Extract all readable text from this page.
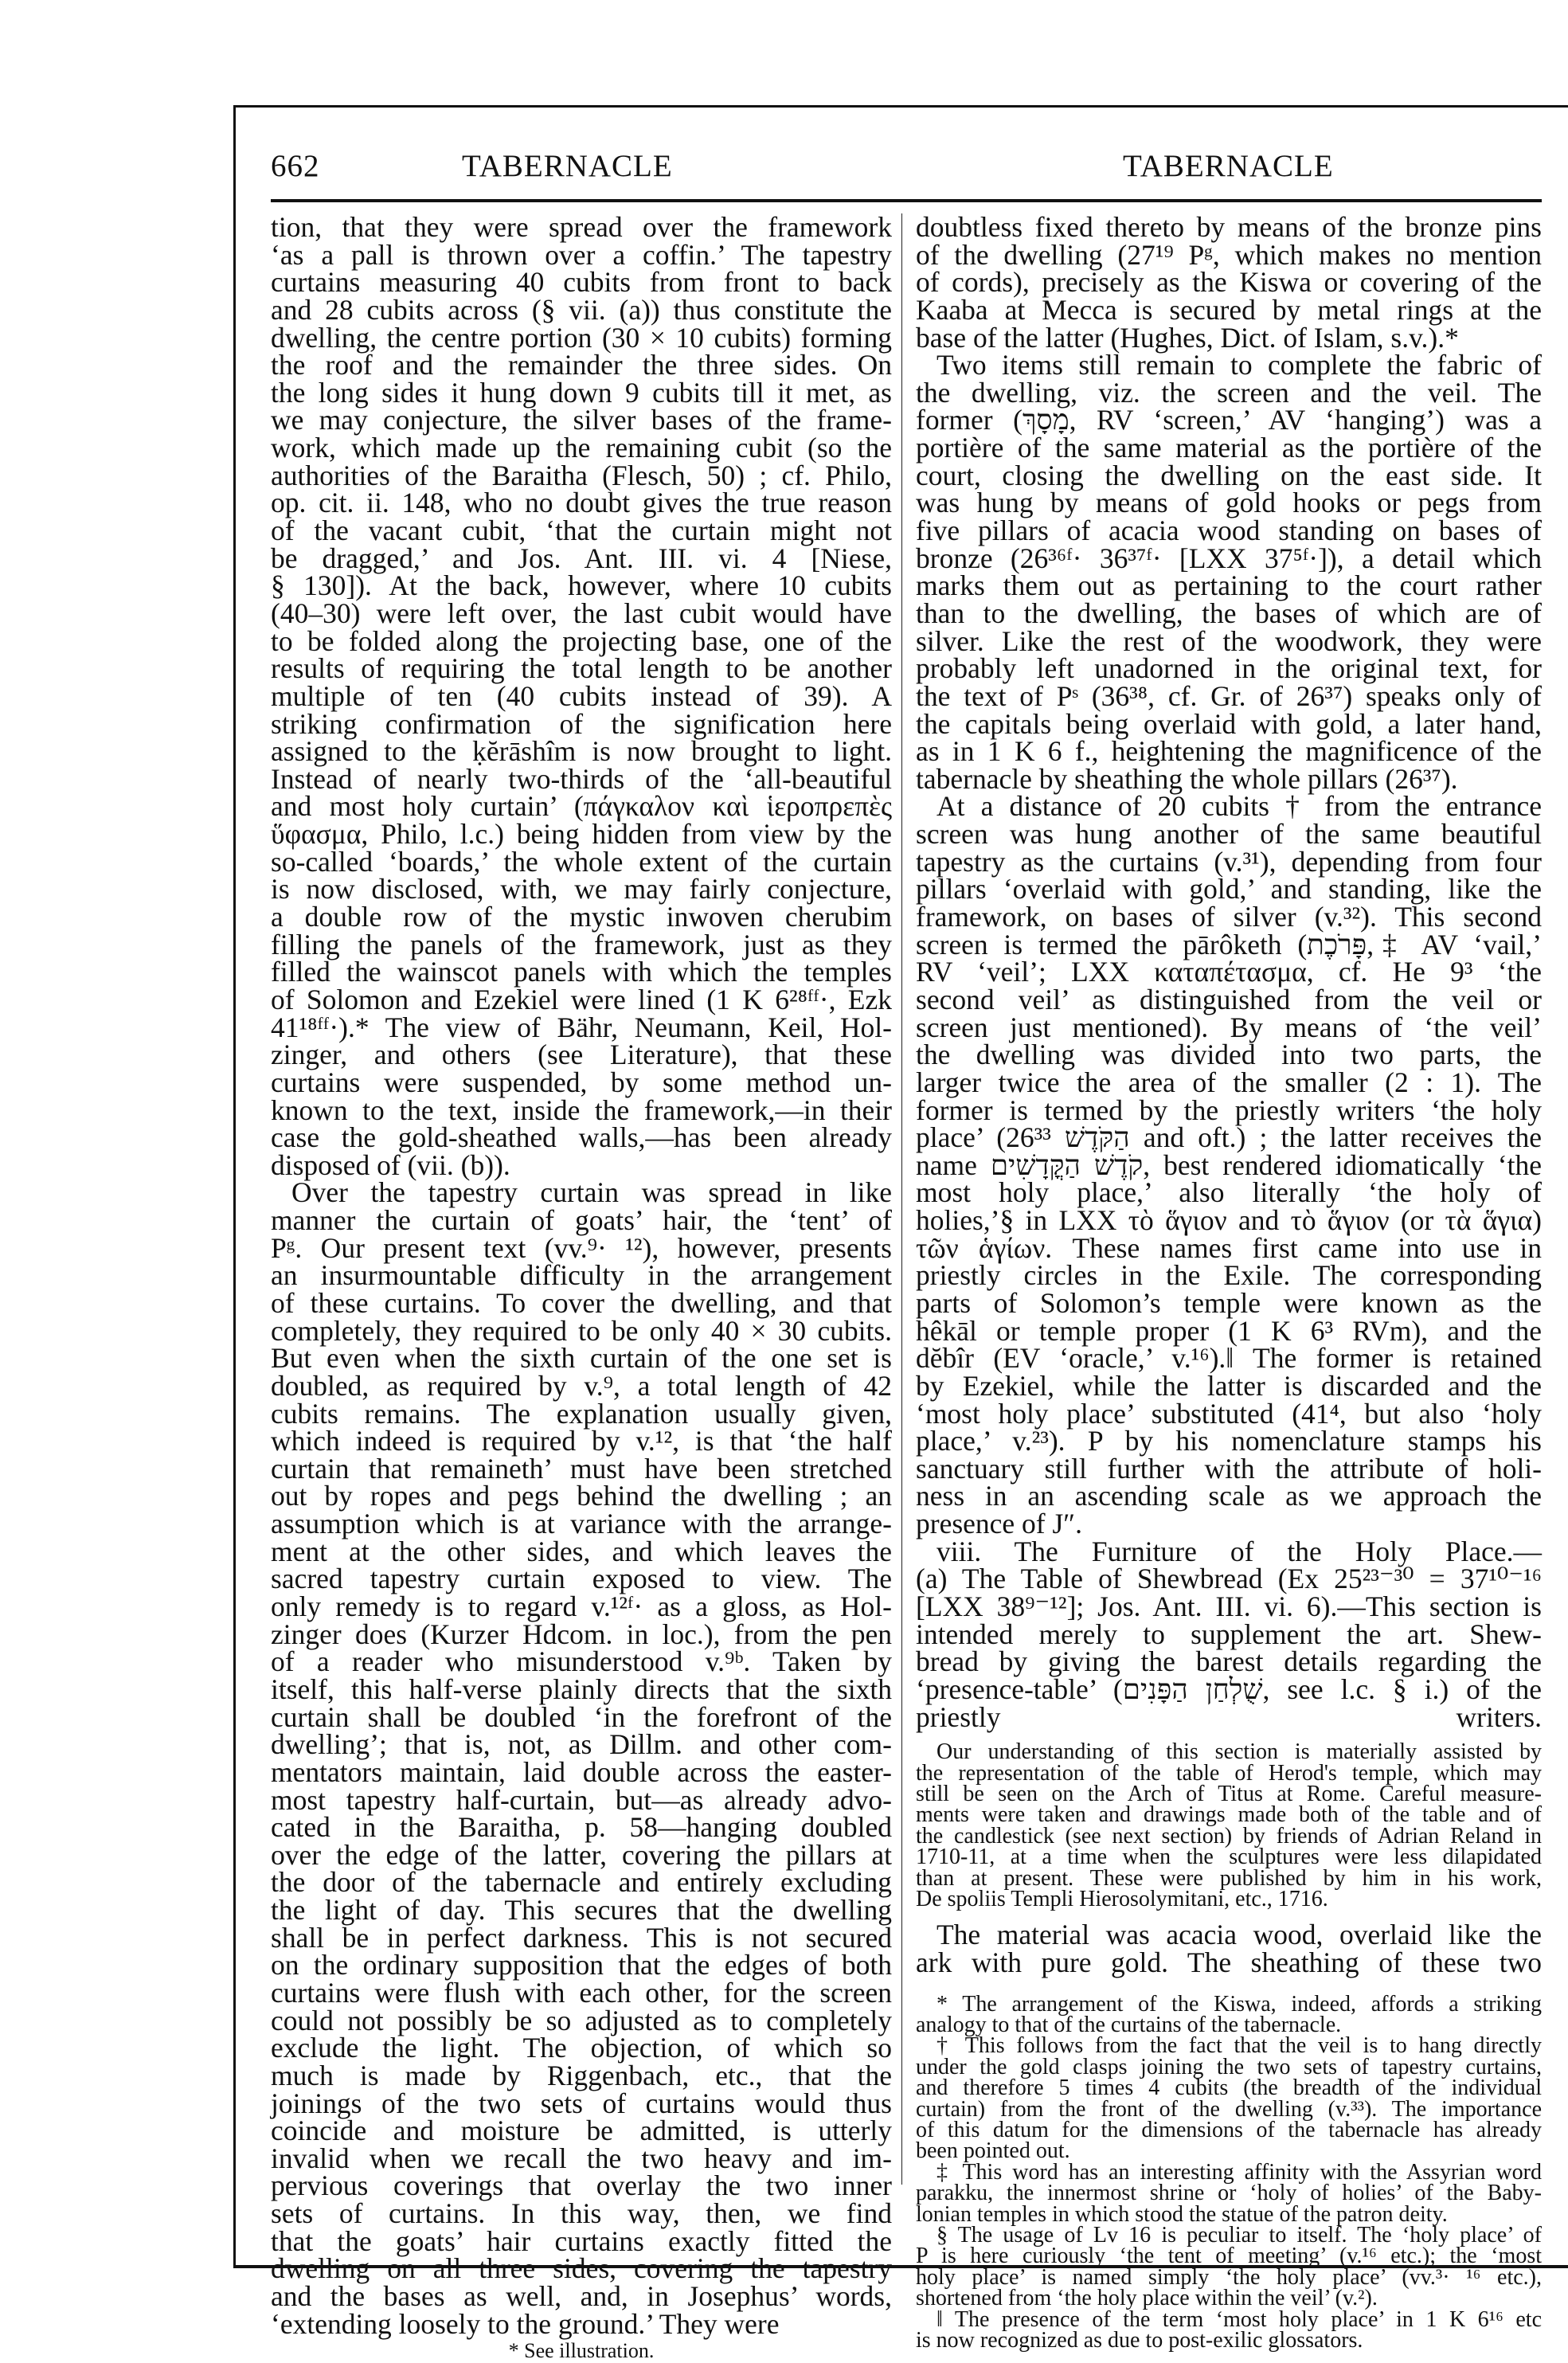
662	TABERNACLE	TABERNACLE
tion, that they were spread over the framework
‘as a pall is thrown over a coffin.’ The tapestry
curtains measuring 40 cubits from front to back
and 28 cubits across (§ vii. (a)) thus constitute the
dwelling, the centre portion (30 × 10 cubits) forming
the roof and the remainder the three sides. On
the long sides it hung down 9 cubits till it met, as
we may conjecture, the silver bases of the frame-
work, which made up the remaining cubit (so the
authorities of the Baraitha (Flesch, 50) ; cf. Philo,
op. cit. ii. 148, who no doubt gives the true reason
of the vacant cubit, ‘that the curtain might not
be dragged,’ and Jos. Ant. III. vi. 4 [Niese,
§ 130]). At the back, however, where 10 cubits
(40–30) were left over, the last cubit would have
to be folded along the projecting base, one of the
results of requiring the total length to be another
multiple of ten (40 cubits instead of 39). A
striking confirmation of the signification here
assigned to the ḳĕrāshîm is now brought to light.
Instead of nearly two-thirds of the ‘all-beautiful
and most holy curtain’ (πάγκαλον καὶ ἱεροπρεπὲς
ὕφασμα, Philo, l.c.) being hidden from view by the
so-called ‘boards,’ the whole extent of the curtain
is now disclosed, with, we may fairly conjecture,
a double row of the mystic inwoven cherubim
filling the panels of the framework, just as they
filled the wainscot panels with which the temples
of Solomon and Ezekiel were lined (1 K 6²⁸ᶠᶠ·, Ezk
41¹⁸ᶠᶠ·).* The view of Bähr, Neumann, Keil, Hol-
zinger, and others (see Literature), that these
curtains were suspended, by some method un-
known to the text, inside the framework,—in their
case the gold-sheathed walls,—has been already
disposed of (vii. (b)).
Over the tapestry curtain was spread in like
manner the curtain of goats’ hair, the ‘tent’ of
Pᵍ. Our present text (vv.⁹· ¹²), however, presents
an insurmountable difficulty in the arrangement
of these curtains. To cover the dwelling, and that
completely, they required to be only 40 × 30 cubits.
But even when the sixth curtain of the one set is
doubled, as required by v.⁹, a total length of 42
cubits remains. The explanation usually given,
which indeed is required by v.¹², is that ‘the half
curtain that remaineth’ must have been stretched
out by ropes and pegs behind the dwelling ; an
assumption which is at variance with the arrange-
ment at the other sides, and which leaves the
sacred tapestry curtain exposed to view. The
only remedy is to regard v.¹²ᶠ· as a gloss, as Hol-
zinger does (Kurzer Hdcom. in loc.), from the pen
of a reader who misunderstood v.⁹ᵇ. Taken by
itself, this half-verse plainly directs that the sixth
curtain shall be doubled ‘in the forefront of the
dwelling’; that is, not, as Dillm. and other com-
mentators maintain, laid double across the easter-
most tapestry half-curtain, but—as already advo-
cated in the Baraitha, p. 58—hanging doubled
over the edge of the latter, covering the pillars at
the door of the tabernacle and entirely excluding
the light of day. This secures that the dwelling
shall be in perfect darkness. This is not secured
on the ordinary supposition that the edges of both
curtains were flush with each other, for the screen
could not possibly be so adjusted as to completely
exclude the light. The objection, of which so
much is made by Riggenbach, etc., that the
joinings of the two sets of curtains would thus
coincide and moisture be admitted, is utterly
invalid when we recall the two heavy and im-
pervious coverings that overlay the two inner
sets of curtains. In this way, then, we find
that the goats’ hair curtains exactly fitted the
dwelling on all three sides, covering the tapestry
and the bases as well, and, in Josephus’ words,
‘extending loosely to the ground.’ They were
* See illustration.
doubtless fixed thereto by means of the bronze pins
of the dwelling (27¹⁹ Pᵍ, which makes no mention
of cords), precisely as the Kiswa or covering of the
Kaaba at Mecca is secured by metal rings at the
base of the latter (Hughes, Dict. of Islam, s.v.).*
Two items still remain to complete the fabric of
the dwelling, viz. the screen and the veil. The
former (מָסָךְ, RV ‘screen,’ AV ‘hanging’) was a
portière of the same material as the portière of the
court, closing the dwelling on the east side. It
was hung by means of gold hooks or pegs from
five pillars of acacia wood standing on bases of
bronze (26³⁶ᶠ· 36³⁷ᶠ· [LXX 37⁵ᶠ·]), a detail which
marks them out as pertaining to the court rather
than to the dwelling, the bases of which are of
silver. Like the rest of the woodwork, they were
probably left unadorned in the original text, for
the text of Pˢ (36³⁸, cf. Gr. of 26³⁷) speaks only of
the capitals being overlaid with gold, a later hand,
as in 1 K 6 f., heightening the magnificence of the
tabernacle by sheathing the whole pillars (26³⁷).
At a distance of 20 cubits † from the entrance
screen was hung another of the same beautiful
tapestry as the curtains (v.³¹), depending from four
pillars ‘overlaid with gold,’ and standing, like the
framework, on bases of silver (v.³²). This second
screen is termed the pārôketh (פָּרֹכֶת,‡ AV ‘vail,’
RV ‘veil’; LXX καταπέτασμα, cf. He 9³ ‘the
second veil’ as distinguished from the veil or
screen just mentioned). By means of ‘the veil’
the dwelling was divided into two parts, the
larger twice the area of the smaller (2 : 1). The
former is termed by the priestly writers ‘the holy
place’ (הַקֹּדֶשׁ 26³³ and oft.) ; the latter receives the
name קֹדֶשׁ הַקֳּדָשִׁים, best rendered idiomatically ‘the
most holy place,’ also literally ‘the holy of
holies,’§ in LXX τὸ ἅγιον and τὸ ἅγιον (or τὰ ἅγια)
τῶν ἁγίων. These names first came into use in
priestly circles in the Exile. The corresponding
parts of Solomon’s temple were known as the
hêkāl or temple proper (1 K 6³ RVm), and the
dĕbîr (EV ‘oracle,’ v.¹⁶).‖ The former is retained
by Ezekiel, while the latter is discarded and the
‘most holy place’ substituted (41⁴, but also ‘holy
place,’ v.²³). P by his nomenclature stamps his
sanctuary still further with the attribute of holi-
ness in an ascending scale as we approach the
presence of J″.
viii. The Furniture of the Holy Place.—
(a) The Table of Shewbread (Ex 25²³⁻³⁰ = 37¹⁰⁻¹⁶
[LXX 38⁹⁻¹²]; Jos. Ant. III. vi. 6).—This section is
intended merely to supplement the art. Shew-
bread by giving the barest details regarding the
‘presence-table’ (שֻׁלְחַן הַפָּנִים, see l.c. § i.) of the
priestly writers.
Our understanding of this section is materially assisted by
the representation of the table of Herod's temple, which may
still be seen on the Arch of Titus at Rome. Careful measure-
ments were taken and drawings made both of the table and of
the candlestick (see next section) by friends of Adrian Reland in
1710-11, at a time when the sculptures were less dilapidated
than at present. These were published by him in his work,
De spoliis Templi Hierosolymitani, etc., 1716.
The material was acacia wood, overlaid like the
ark with pure gold. The sheathing of these two
* The arrangement of the Kiswa, indeed, affords a striking
analogy to that of the curtains of the tabernacle.
† This follows from the fact that the veil is to hang directly
under the gold clasps joining the two sets of tapestry curtains,
and therefore 5 times 4 cubits (the breadth of the individual
curtain) from the front of the dwelling (v.³³). The importance
of this datum for the dimensions of the tabernacle has already
been pointed out.
‡ This word has an interesting affinity with the Assyrian word
parakku, the innermost shrine or ‘holy of holies’ of the Baby-
lonian temples in which stood the statue of the patron deity.
§ The usage of Lv 16 is peculiar to itself. The ‘holy place’ of
P is here curiously ‘the tent of meeting’ (v.¹⁶ etc.); the ‘most
holy place’ is named simply ‘the holy place’ (vv.³· ¹⁶ etc.),
shortened from ‘the holy place within the veil’ (v.²).
‖ The presence of the term ‘most holy place’ in 1 K 6¹⁶ etc
is now recognized as due to post-exilic glossators.
